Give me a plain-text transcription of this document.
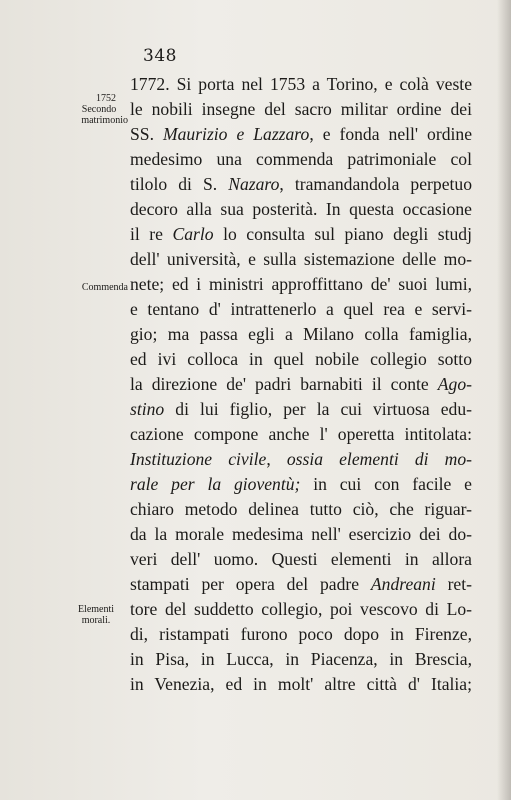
348
1752
Secondo
matrimonio
Commenda
Elementi
morali.
1772. Si porta nel 1753 a Torino, e colà veste
le nobili insegne del sacro militar ordine dei
SS. Maurizio e Lazzaro, e fonda nell' ordine
medesimo una commenda patrimoniale col
tilolo di S. Nazaro, tramandandola perpetuo
decoro alla sua posterità. In questa occasione
il re Carlo lo consulta sul piano degli studj
dell' università, e sulla sistemazione delle mo-
nete; ed i ministri approffittano de' suoi lumi,
e tentano d' intrattenerlo a quel rea e servi-
gio; ma passa egli a Milano colla famiglia,
ed ivi colloca in quel nobile collegio sotto
la direzione de' padri barnabiti il conte Ago-
stino di lui figlio, per la cui virtuosa edu-
cazione compone anche l' operetta intitolata:
Instituzione civile, ossia elementi di mo-
rale per la gioventù; in cui con facile e
chiaro metodo delinea tutto ciò, che riguar-
da la morale medesima nell' esercizio dei do-
veri dell' uomo. Questi elementi in allora
stampati per opera del padre Andreani ret-
tore del suddetto collegio, poi vescovo di Lo-
di, ristampati furono poco dopo in Firenze,
in Pisa, in Lucca, in Piacenza, in Brescia,
in Venezia, ed in molt' altre città d' Italia;
